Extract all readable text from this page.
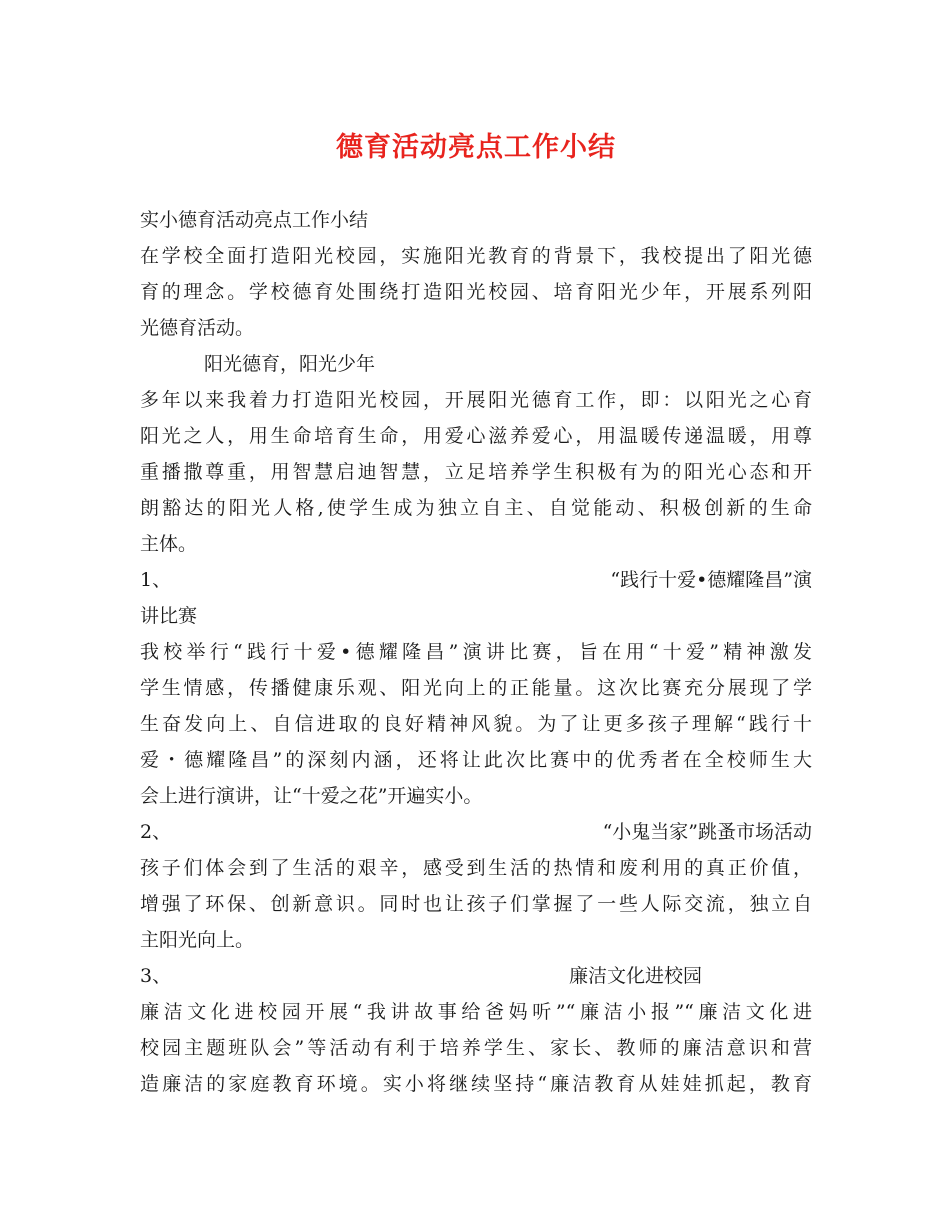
德育活动亮点工作小结
实小德育活动亮点工作小结
在学校全面打造阳光校园，实施阳光教育的背景下，我校提出了阳光德
育的理念。学校德育处围绕打造阳光校园、培育阳光少年，开展系列阳
光德育活动。
阳光德育，阳光少年
多年以来我着力打造阳光校园，开展阳光德育工作，即：以阳光之心育
阳光之人，用生命培育生命，用爱心滋养爱心，用温暖传递温暖，用尊
重播撒尊重，用智慧启迪智慧，立足培养学生积极有为的阳光心态和开
朗豁达的阳光人格,使学生成为独立自主、自觉能动、积极创新的生命
主体。
1、	“践行十爱•德耀隆昌”演
讲比赛
我校举行“践行十爱•德耀隆昌”演讲比赛，旨在用“十爱”精神激发
学生情感，传播健康乐观、阳光向上的正能量。这次比赛充分展现了学
生奋发向上、自信进取的良好精神风貌。为了让更多孩子理解“践行十
爱・德耀隆昌”的深刻内涵，还将让此次比赛中的优秀者在全校师生大
会上进行演讲，让“十爱之花”开遍实小。
2、	“小鬼当家”跳蚤市场活动
孩子们体会到了生活的艰辛，感受到生活的热情和废利用的真正价值，
增强了环保、创新意识。同时也让孩子们掌握了一些人际交流，独立自
主阳光向上。
3、	廉洁文化进校园
廉洁文化进校园开展“我讲故事给爸妈听”“廉洁小报”“廉洁文化进
校园主题班队会”等活动有利于培养学生、家长、教师的廉洁意识和营
造廉洁的家庭教育环境。实小将继续坚持“廉洁教育从娃娃抓起，教育
